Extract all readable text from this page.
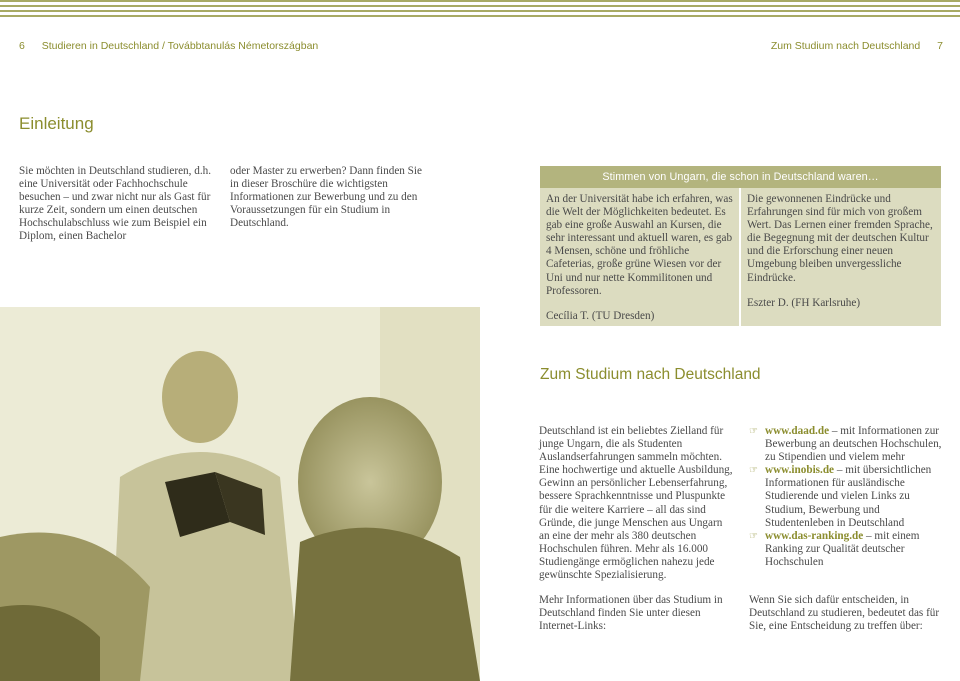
6 Studieren in Deutschland / Továbbtanulás Németországban	Zum Studium nach Deutschland 7
Einleitung
Sie möchten in Deutschland studieren, d.h. eine Universität oder Fachhochschule besuchen – und zwar nicht nur als Gast für kurze Zeit, sondern um einen deutschen Hochschulabschluss wie zum Beispiel ein Diplom, einen Bachelor
oder Master zu erwerben? Dann finden Sie in dieser Broschüre die wichtigsten Informationen zur Bewerbung und zu den Voraussetzungen für ein Studium in Deutschland.
Stimmen von Ungarn, die schon in Deutschland waren…
An der Universität habe ich erfahren, was die Welt der Möglichkeiten bedeutet. Es gab eine große Auswahl an Kursen, die sehr interessant und aktuell waren, es gab 4 Mensen, schöne und fröhliche Cafeterias, große grüne Wiesen vor der Uni und nur nette Kommilitonen und Professoren.
Cecília T. (TU Dresden)
Die gewonnenen Eindrücke und Erfahrungen sind für mich von großem Wert. Das Lernen einer fremden Sprache, die Begegnung mit der deutschen Kultur und die Erforschung einer neuen Umgebung bleiben unvergessliche Eindrücke.
Eszter D. (FH Karlsruhe)
Zum Studium nach Deutschland
Deutschland ist ein beliebtes Zielland für junge Ungarn, die als Studenten Auslandserfahrungen sammeln möchten. Eine hochwertige und aktuelle Ausbildung, Gewinn an persönlicher Lebenserfahrung, bessere Sprachkenntnisse und Pluspunkte für die weitere Karriere – all das sind Gründe, die junge Menschen aus Ungarn an eine der mehr als 380 deutschen Hochschulen führen. Mehr als 16.000 Studiengänge ermöglichen nahezu jede gewünschte Spezialisierung.
Mehr Informationen über das Studium in Deutschland finden Sie unter diesen Internet-Links:
☞ www.daad.de – mit Informationen zur Bewerbung an deutschen Hochschulen, zu Stipendien und vielem mehr
☞ www.inobis.de – mit übersichtlichen Informationen für ausländische Studierende und vielen Links zu Studium, Bewerbung und Studentenleben in Deutschland
☞ www.das-ranking.de – mit einem Ranking zur Qualität deutscher Hochschulen
Wenn Sie sich dafür entscheiden, in Deutschland zu studieren, bedeutet das für Sie, eine Entscheidung zu treffen über:
